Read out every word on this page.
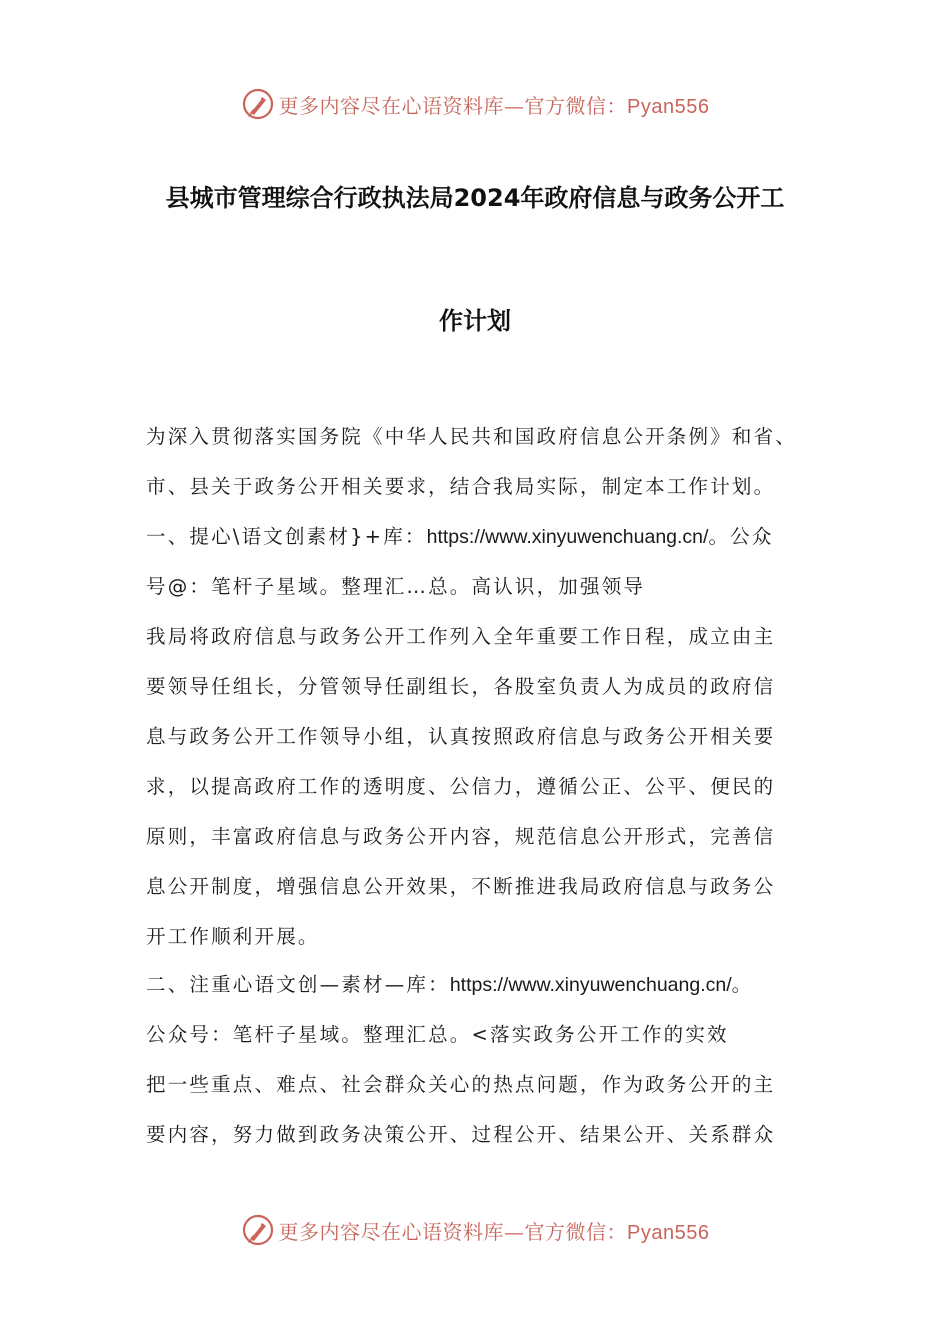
更多内容尽在心语资料库—官方微信：Pyan556
县城市管理综合行政执法局2024年政府信息与政务公开工
作计划
为深入贯彻落实国务院《中华人民共和国政府信息公开条例》和省、
市、县关于政务公开相关要求，结合我局实际，制定本工作计划。
一、提心\语文创素材}+库：https://www.xinyuwenchuang.cn/。公众
号@：笔杆子星域。整理汇…总。高认识，加强领导
我局将政府信息与政务公开工作列入全年重要工作日程，成立由主
要领导任组长，分管领导任副组长，各股室负责人为成员的政府信
息与政务公开工作领导小组，认真按照政府信息与政务公开相关要
求，以提高政府工作的透明度、公信力，遵循公正、公平、便民的
原则，丰富政府信息与政务公开内容，规范信息公开形式，完善信
息公开制度，增强信息公开效果，不断推进我局政府信息与政务公
开工作顺利开展。
二、注重心语文创—素材—库：https://www.xinyuwenchuang.cn/。
公众号：笔杆子星域。整理汇总。<落实政务公开工作的实效
把一些重点、难点、社会群众关心的热点问题，作为政务公开的主
要内容，努力做到政务决策公开、过程公开、结果公开、关系群众
更多内容尽在心语资料库—官方微信：Pyan556
